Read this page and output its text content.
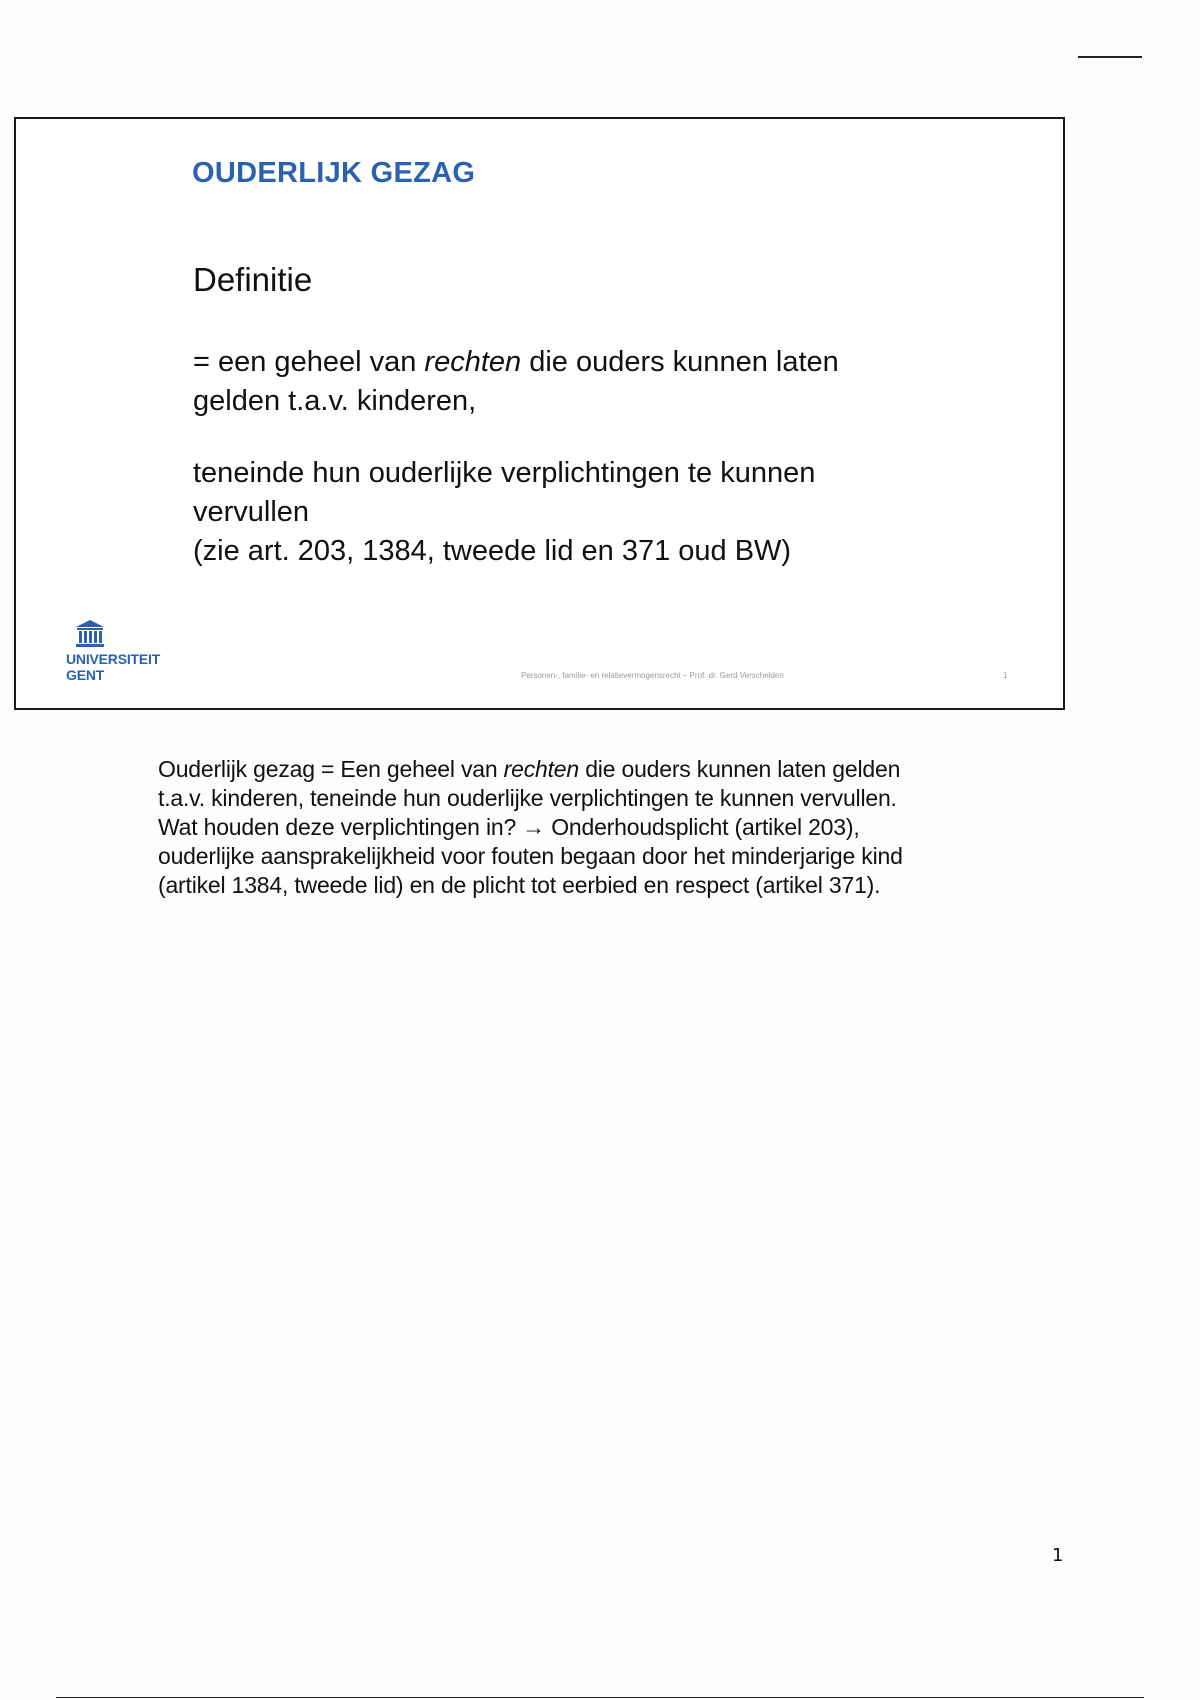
OUDERLIJK GEZAG
Definitie

= een geheel van rechten die ouders kunnen laten gelden t.a.v. kinderen,

teneinde hun ouderlijke verplichtingen te kunnen vervullen
(zie art. 203, 1384, tweede lid en 371 oud BW)

UNIVERSITEIT
GENT	Personen-, familie- en relatievermogensrecht – Prof. dr. Gerd Verschelden	1
Ouderlijk gezag = Een geheel van rechten die ouders kunnen laten gelden t.a.v. kinderen, teneinde hun ouderlijke verplichtingen te kunnen vervullen. Wat houden deze verplichtingen in? → Onderhoudsplicht (artikel 203), ouderlijke aansprakelijkheid voor fouten begaan door het minderjarige kind (artikel 1384, tweede lid) en de plicht tot eerbied en respect (artikel 371).
1
